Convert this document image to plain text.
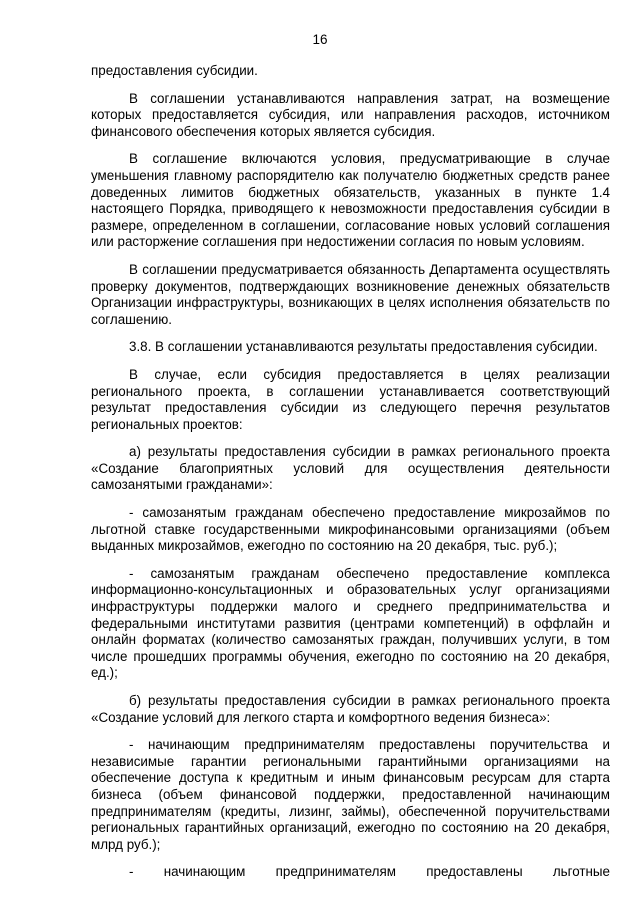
16

предоставления субсидии.

В соглашении устанавливаются направления затрат, на возмещение которых предоставляется субсидия, или направления расходов, источником финансового обеспечения которых является субсидия.

В соглашение включаются условия, предусматривающие в случае уменьшения главному распорядителю как получателю бюджетных средств ранее доведенных лимитов бюджетных обязательств, указанных в пункте 1.4 настоящего Порядка, приводящего к невозможности предоставления субсидии в размере, определенном в соглашении, согласование новых условий соглашения или расторжение соглашения при недостижении согласия по новым условиям.

В соглашении предусматривается обязанность Департамента осуществлять проверку документов, подтверждающих возникновение денежных обязательств Организации инфраструктуры, возникающих в целях исполнения обязательств по соглашению.

3.8. В соглашении устанавливаются результаты предоставления субсидии.

В случае, если субсидия предоставляется в целях реализации регионального проекта, в соглашении устанавливается соответствующий результат предоставления субсидии из следующего перечня результатов региональных проектов:

а) результаты предоставления субсидии в рамках регионального проекта «Создание благоприятных условий для осуществления деятельности самозанятыми гражданами»:

- самозанятым гражданам обеспечено предоставление микрозаймов по льготной ставке государственными микрофинансовыми организациями (объем выданных микрозаймов, ежегодно по состоянию на 20 декабря, тыс. руб.);

- самозанятым гражданам обеспечено предоставление комплекса информационно-консультационных и образовательных услуг организациями инфраструктуры поддержки малого и среднего предпринимательства и федеральными институтами развития (центрами компетенций) в оффлайн и онлайн форматах (количество самозанятых граждан, получивших услуги, в том числе прошедших программы обучения, ежегодно по состоянию на 20 декабря, ед.);

б) результаты предоставления субсидии в рамках регионального проекта «Создание условий для легкого старта и комфортного ведения бизнеса»:

- начинающим предпринимателям предоставлены поручительства и независимые гарантии региональными гарантийными организациями на обеспечение доступа к кредитным и иным финансовым ресурсам для старта бизнеса (объем финансовой поддержки, предоставленной начинающим предпринимателям (кредиты, лизинг, займы), обеспеченной поручительствами региональных гарантийных организаций, ежегодно по состоянию на 20 декабря, млрд руб.);

- начинающим предпринимателям предоставлены льготные
